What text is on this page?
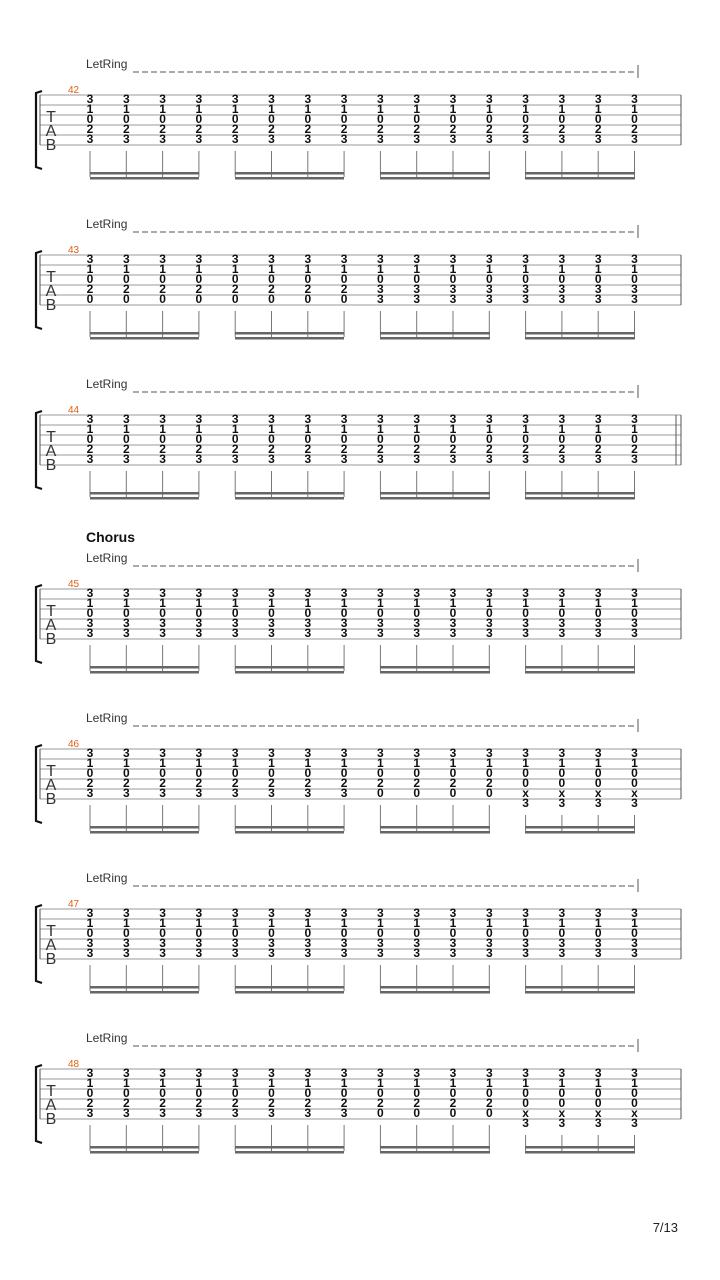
LetRing
42
T
A
B
3
1
0
2
3
3
1
0
2
3
3
1
0
2
3
3
1
0
2
3
3
1
0
2
3
3
1
0
2
3
3
1
0
2
3
3
1
0
2
3
3
1
0
2
3
3
1
0
2
3
3
1
0
2
3
3
1
0
2
3
3
1
0
2
3
3
1
0
2
3
3
1
0
2
3
3
1
0
2
3
LetRing
43
T
A
B
3
1
0
2
0
3
1
0
2
0
3
1
0
2
0
3
1
0
2
0
3
1
0
2
0
3
1
0
2
0
3
1
0
2
0
3
1
0
2
0
3
1
0
3
3
3
1
0
3
3
3
1
0
3
3
3
1
0
3
3
3
1
0
3
3
3
1
0
3
3
3
1
0
3
3
3
1
0
3
3
LetRing
44
T
A
B
3
1
0
2
3
3
1
0
2
3
3
1
0
2
3
3
1
0
2
3
3
1
0
2
3
3
1
0
2
3
3
1
0
2
3
3
1
0
2
3
3
1
0
2
3
3
1
0
2
3
3
1
0
2
3
3
1
0
2
3
3
1
0
2
3
3
1
0
2
3
3
1
0
2
3
3
1
0
2
3
Chorus
LetRing
45
T
A
B
3
1
0
3
3
3
1
0
3
3
3
1
0
3
3
3
1
0
3
3
3
1
0
3
3
3
1
0
3
3
3
1
0
3
3
3
1
0
3
3
3
1
0
3
3
3
1
0
3
3
3
1
0
3
3
3
1
0
3
3
3
1
0
3
3
3
1
0
3
3
3
1
0
3
3
3
1
0
3
3
LetRing
46
T
A
B
3
1
0
2
3
3
1
0
2
3
3
1
0
2
3
3
1
0
2
3
3
1
0
2
3
3
1
0
2
3
3
1
0
2
3
3
1
0
2
3
3
1
0
2
0
3
1
0
2
0
3
1
0
2
0
3
1
0
2
0
3
1
0
0
x
3
3
1
0
0
x
3
3
1
0
0
x
3
3
1
0
0
x
3
LetRing
47
T
A
B
3
1
0
3
3
3
1
0
3
3
3
1
0
3
3
3
1
0
3
3
3
1
0
3
3
3
1
0
3
3
3
1
0
3
3
3
1
0
3
3
3
1
0
3
3
3
1
0
3
3
3
1
0
3
3
3
1
0
3
3
3
1
0
3
3
3
1
0
3
3
3
1
0
3
3
3
1
0
3
3
LetRing
48
T
A
B
3
1
0
2
3
3
1
0
2
3
3
1
0
2
3
3
1
0
2
3
3
1
0
2
3
3
1
0
2
3
3
1
0
2
3
3
1
0
2
3
3
1
0
2
0
3
1
0
2
0
3
1
0
2
0
3
1
0
2
0
3
1
0
0
x
3
3
1
0
0
x
3
3
1
0
0
x
3
3
1
0
0
x
3
7/13
